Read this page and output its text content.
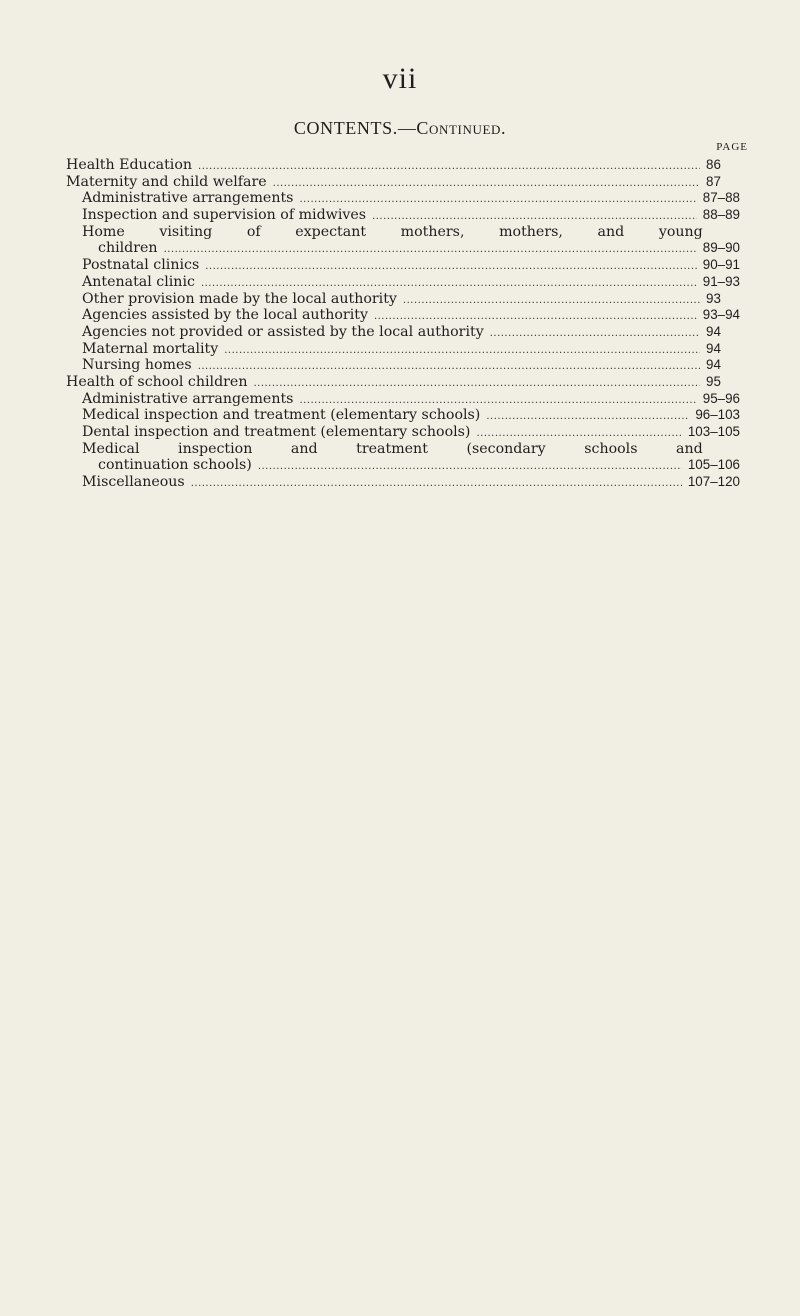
vii
CONTENTS.—Continued.
PAGE
Health Education .....	86
Maternity and child welfare .....	87
Administrative arrangements .....	87–88
Inspection and supervision of midwives .....	88–89
Home visiting of expectant mothers, mothers, and young
children .....	89–90
Postnatal clinics .....	90–91
Antenatal clinic .....	91–93
Other provision made by the local authority .....	93
Agencies assisted by the local authority .....	93–94
Agencies not provided or assisted by the local authority .....	94
Maternal mortality .....	94
Nursing homes .....	94
Health of school children .....	95
Administrative arrangements .....	95–96
Medical inspection and treatment (elementary schools) .....	96–103
Dental inspection and treatment (elementary schools) .....	103–105
Medical	inspection	and	treatment	(secondary	schools	and
continuation schools) .....	105–106
Miscellaneous .....	107–120
